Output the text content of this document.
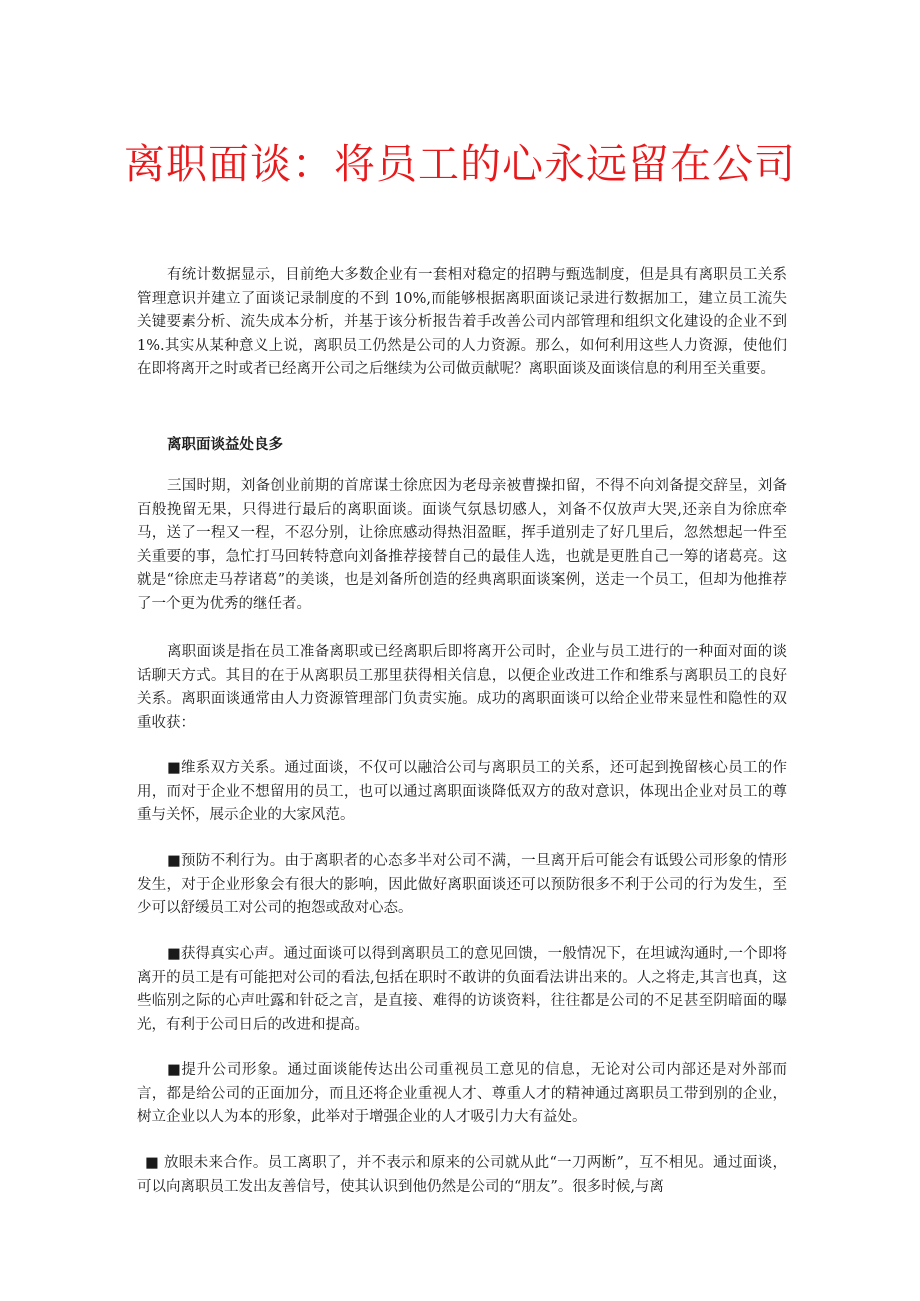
离职面谈：将员工的心永远留在公司

有统计数据显示，目前绝大多数企业有一套相对稳定的招聘与甄选制度，但是具有离职员工关系管理意识并建立了面谈记录制度的不到 10%,而能够根据离职面谈记录进行数据加工，建立员工流失关键要素分析、流失成本分析，并基于该分析报告着手改善公司内部管理和组织文化建设的企业不到 1%.其实从某种意义上说，离职员工仍然是公司的人力资源。那么，如何利用这些人力资源，使他们在即将离开之时或者已经离开公司之后继续为公司做贡献呢？离职面谈及面谈信息的利用至关重要。

离职面谈益处良多

三国时期，刘备创业前期的首席谋士徐庶因为老母亲被曹操扣留，不得不向刘备提交辞呈，刘备百般挽留无果，只得进行最后的离职面谈。面谈气氛恳切感人，刘备不仅放声大哭,还亲自为徐庶牵马，送了一程又一程，不忍分别，让徐庶感动得热泪盈眶，挥手道别走了好几里后，忽然想起一件至关重要的事，急忙打马回转特意向刘备推荐接替自己的最佳人选，也就是更胜自己一筹的诸葛亮。这就是“徐庶走马荐诸葛”的美谈，也是刘备所创造的经典离职面谈案例，送走一个员工，但却为他推荐了一个更为优秀的继任者。

离职面谈是指在员工准备离职或已经离职后即将离开公司时，企业与员工进行的一种面对面的谈话聊天方式。其目的在于从离职员工那里获得相关信息，以便企业改进工作和维系与离职员工的良好关系。离职面谈通常由人力资源管理部门负责实施。成功的离职面谈可以给企业带来显性和隐性的双重收获：

■维系双方关系。通过面谈，不仅可以融洽公司与离职员工的关系，还可起到挽留核心员工的作用，而对于企业不想留用的员工，也可以通过离职面谈降低双方的敌对意识，体现出企业对员工的尊重与关怀，展示企业的大家风范。

■预防不利行为。由于离职者的心态多半对公司不满，一旦离开后可能会有诋毁公司形象的情形发生，对于企业形象会有很大的影响，因此做好离职面谈还可以预防很多不利于公司的行为发生，至少可以舒缓员工对公司的抱怨或敌对心态。

■获得真实心声。通过面谈可以得到离职员工的意见回馈，一般情况下，在坦诚沟通时,一个即将离开的员工是有可能把对公司的看法,包括在职时不敢讲的负面看法讲出来的。人之将走,其言也真，这些临别之际的心声吐露和针砭之言，是直接、难得的访谈资料，往往都是公司的不足甚至阴暗面的曝光，有利于公司日后的改进和提高。

■提升公司形象。通过面谈能传达出公司重视员工意见的信息，无论对公司内部还是对外部而言，都是给公司的正面加分，而且还将企业重视人才、尊重人才的精神通过离职员工带到别的企业，树立企业以人为本的形象，此举对于增强企业的人才吸引力大有益处。

■ 放眼未来合作。员工离职了，并不表示和原来的公司就从此“一刀两断”，互不相见。通过面谈，可以向离职员工发出友善信号，使其认识到他仍然是公司的“朋友”。很多时候,与离
